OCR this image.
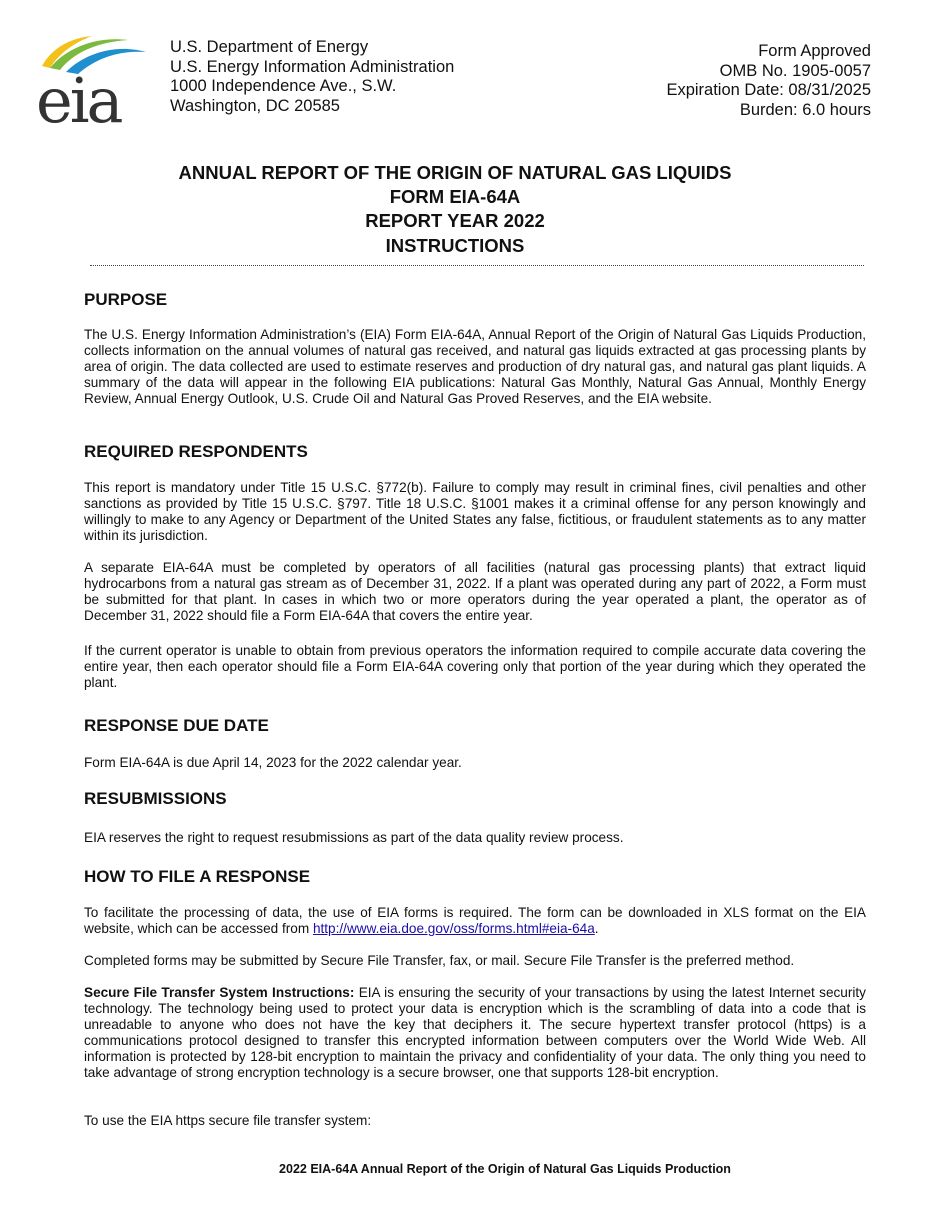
eia
U.S. Department of Energy
U.S. Energy Information Administration
1000 Independence Ave., S.W.
Washington, DC 20585
Form Approved
OMB No. 1905-0057
Expiration Date: 08/31/2025
Burden: 6.0 hours
ANNUAL REPORT OF THE ORIGIN OF NATURAL GAS LIQUIDS
FORM EIA-64A
REPORT YEAR 2022
INSTRUCTIONS
PURPOSE

The U.S. Energy Information Administration’s (EIA) Form EIA-64A, Annual Report of the Origin of Natural Gas Liquids Production, collects information on the annual volumes of natural gas received, and natural gas liquids extracted at gas processing plants by area of origin. The data collected are used to estimate reserves and production of dry natural gas, and natural gas plant liquids. A summary of the data will appear in the following EIA publications: Natural Gas Monthly, Natural Gas Annual, Monthly Energy Review, Annual Energy Outlook, U.S. Crude Oil and Natural Gas Proved Reserves, and the EIA website.

REQUIRED RESPONDENTS

This report is mandatory under Title 15 U.S.C. §772(b). Failure to comply may result in criminal fines, civil penalties and other sanctions as provided by Title 15 U.S.C. §797. Title 18 U.S.C. §1001 makes it a criminal offense for any person knowingly and willingly to make to any Agency or Department of the United States any false, fictitious, or fraudulent statements as to any matter within its jurisdiction.

A separate EIA-64A must be completed by operators of all facilities (natural gas processing plants) that extract liquid hydrocarbons from a natural gas stream as of December 31, 2022. If a plant was operated during any part of 2022, a Form must be submitted for that plant. In cases in which two or more operators during the year operated a plant, the operator as of December 31, 2022 should file a Form EIA-64A that covers the entire year.

If the current operator is unable to obtain from previous operators the information required to compile accurate data covering the entire year, then each operator should file a Form EIA-64A covering only that portion of the year during which they operated the plant.

RESPONSE DUE DATE

Form EIA-64A is due April 14, 2023 for the 2022 calendar year.

RESUBMISSIONS

EIA reserves the right to request resubmissions as part of the data quality review process.

HOW TO FILE A RESPONSE

To facilitate the processing of data, the use of EIA forms is required. The form can be downloaded in XLS format on the EIA website, which can be accessed from http://www.eia.doe.gov/oss/forms.html#eia-64a.

Completed forms may be submitted by Secure File Transfer, fax, or mail. Secure File Transfer is the preferred method.

Secure File Transfer System Instructions: EIA is ensuring the security of your transactions by using the latest Internet security technology. The technology being used to protect your data is encryption which is the scrambling of data into a code that is unreadable to anyone who does not have the key that deciphers it. The secure hypertext transfer protocol (https) is a communications protocol designed to transfer this encrypted information between computers over the World Wide Web. All information is protected by 128-bit encryption to maintain the privacy and confidentiality of your data. The only thing you need to take advantage of strong encryption technology is a secure browser, one that supports 128-bit encryption.

To use the EIA https secure file transfer system:

2022 EIA-64A Annual Report of the Origin of Natural Gas Liquids Production
